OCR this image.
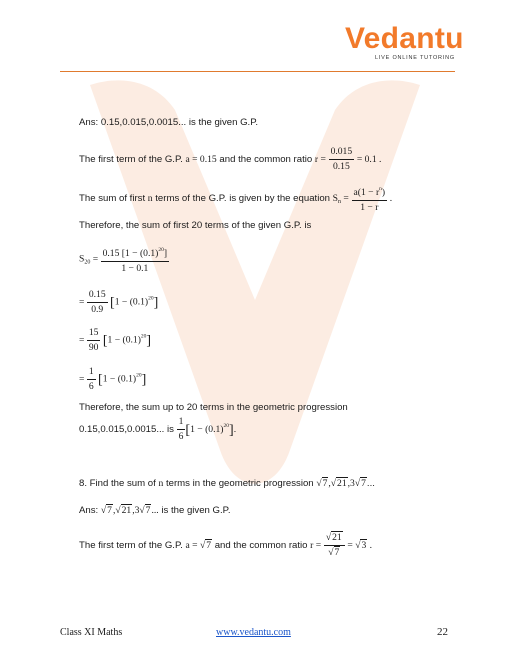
Vedantu
LIVE ONLINE TUTORING
Ans: 0.15,0.015,0.0015... is the given G.P.
The first term of the G.P. a = 0.15 and the common ratio $r = \frac{0.015}{0.15} = 0.1$ .
The sum of first n terms of the G.P. is given by the equation $S_n = \frac{a(1 - r^n)}{1 - r}$ .
Therefore, the sum of first 20 terms of the given G.P. is
$S_{20} = \frac{0.15 [1 - (0.1)^{20}]}{1 - 0.1}$
= $\frac{0.15}{0.9} [1 - (0.1)^{20}]$
= $\frac{15}{90} [1 - (0.1)^{20}]$
= $\frac{1}{6} [1 - (0.1)^{20}]$
Therefore, the sum up to 20 terms in the geometric progression
0.15,0.015,0.0015... is $\frac{1}{6} [1 - (0.1)^{20}]$.
8. Find the sum of n terms in the geometric progression √7,√21,3√7...
Ans: √7,√21,3√7... is the given G.P.
The first term of the G.P. a = √7 and the common ratio $r = \frac{√21}{√7} = √3$ .
Class XI Maths	www.vedantu.com	22
